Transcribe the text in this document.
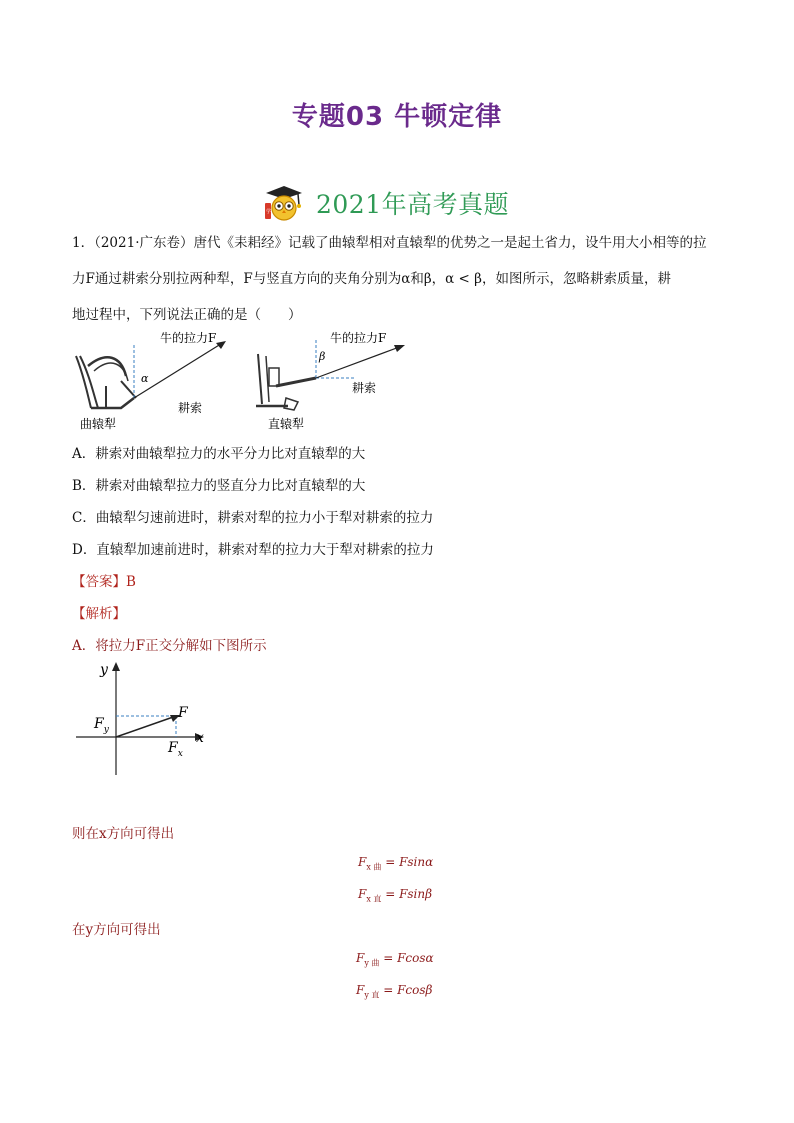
专题03 牛顿定律
学 2021年高考真题
1．（2021·广东卷）唐代《耒耜经》记载了曲辕犁相对直辕犁的优势之一是起土省力，设牛用大小相等的拉
力F通过耕索分别拉两种犁，F与竖直方向的夹角分别为α和β，α < β，如图所示，忽略耕索质量，耕
地过程中，下列说法正确的是（　　）
α
牛的拉力F
耕索
曲辕犁
β
牛的拉力F
耕索
直辕犁
A．耕索对曲辕犁拉力的水平分力比对直辕犁的大
B．耕索对曲辕犁拉力的竖直分力比对直辕犁的大
C．曲辕犁匀速前进时，耕索对犁的拉力小于犁对耕索的拉力
D．直辕犁加速前进时，耕索对犁的拉力大于犁对耕索的拉力
【答案】B
【解析】
A．将拉力F正交分解如下图所示
y
x
F
$F_y$
$F_x$
则在x方向可得出
$F_{x 曲} = Fsin\alpha$
$F_{x 直} = Fsin\beta$
在y方向可得出
$F_{y 曲} = Fcos\alpha$
$F_{y 直} = Fcos\beta$
